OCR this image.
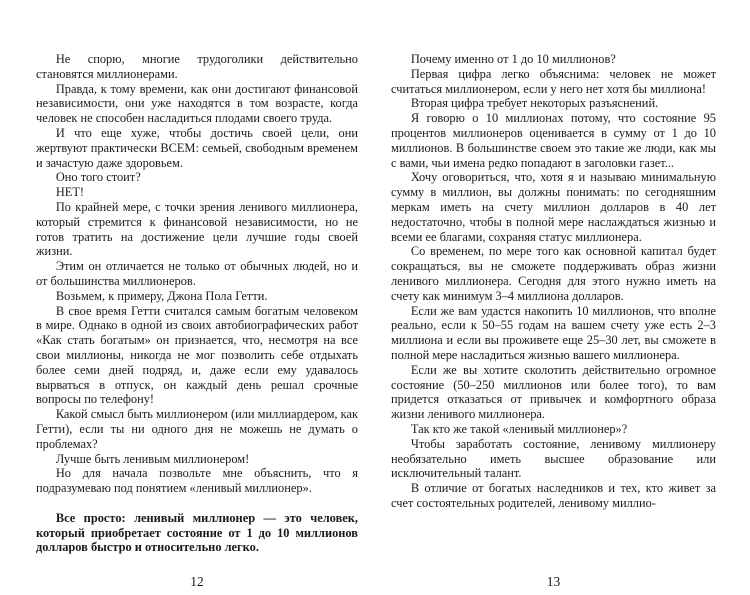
Не спорю, многие трудоголики действительно становятся миллионерами.

Правда, к тому времени, как они достигают финансовой независимости, они уже находятся в том возрасте, когда человек не способен насладиться плодами своего труда.

И что еще хуже, чтобы достичь своей цели, они жертвуют практически ВСЕМ: семьей, свободным временем и зачастую даже здоровьем.

Оно того стоит?

НЕТ!

По крайней мере, с точки зрения ленивого миллионера, который стремится к финансовой независимости, но не готов тратить на достижение цели лучшие годы своей жизни.

Этим он отличается не только от обычных людей, но и от большинства миллионеров.

Возьмем, к примеру, Джона Пола Гетти.

В свое время Гетти считался самым богатым человеком в мире. Однако в одной из своих автобиографических работ «Как стать богатым» он признается, что, несмотря на все свои миллионы, никогда не мог позволить себе отдыхать более семи дней подряд, и, даже если ему удавалось вырваться в отпуск, он каждый день решал срочные вопросы по телефону!

Какой смысл быть миллионером (или миллиардером, как Гетти), если ты ни одного дня не можешь не думать о проблемах?

Лучше быть ленивым миллионером!

Но для начала позвольте мне объяснить, что я подразумеваю под понятием «ленивый миллионер».

Все просто: ленивый миллионер — это человек, который приобретает состояние от 1 до 10 миллионов долларов быстро и относительно легко.

12

Почему именно от 1 до 10 миллионов?

Первая цифра легко объяснима: человек не может считаться миллионером, если у него нет хотя бы миллиона!

Вторая цифра требует некоторых разъяснений.

Я говорю о 10 миллионах потому, что состояние 95 процентов миллионеров оценивается в сумму от 1 до 10 миллионов. В большинстве своем это такие же люди, как мы с вами, чьи имена редко попадают в заголовки газет...

Хочу оговориться, что, хотя я и называю минимальную сумму в миллион, вы должны понимать: по сегодняшним меркам иметь на счету миллион долларов в 40 лет недостаточно, чтобы в полной мере наслаждаться жизнью и всеми ее благами, сохраняя статус миллионера.

Со временем, по мере того как основной капитал будет сокращаться, вы не сможете поддерживать образ жизни ленивого миллионера. Сегодня для этого нужно иметь на счету как минимум 3–4 миллиона долларов.

Если же вам удастся накопить 10 миллионов, что вполне реально, если к 50–55 годам на вашем счету уже есть 2–3 миллиона и если вы проживете еще 25–30 лет, вы сможете в полной мере насладиться жизнью вашего миллионера.

Если же вы хотите сколотить действительно огромное состояние (50–250 миллионов или более того), то вам придется отказаться от привычек и комфортного образа жизни ленивого миллионера.

Так кто же такой «ленивый миллионер»?

Чтобы заработать состояние, ленивому миллионеру необязательно иметь высшее образование или исключительный талант.

В отличие от богатых наследников и тех, кто живет за счет состоятельных родителей, ленивому миллио-

13
